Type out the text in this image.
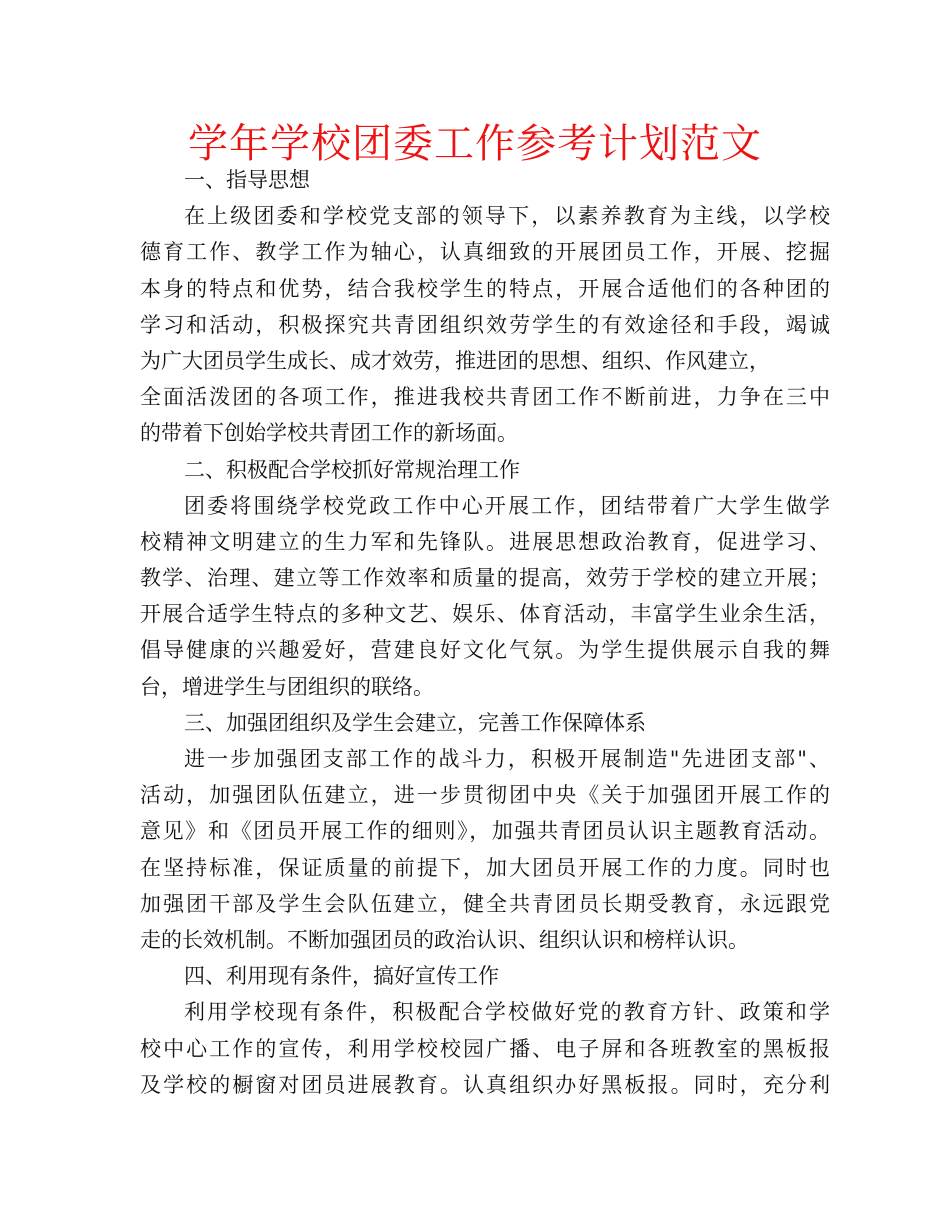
学年学校团委工作参考计划范文
一、指导思想
在上级团委和学校党支部的领导下，以素养教育为主线，以学校
德育工作、教学工作为轴心，认真细致的开展团员工作，开展、挖掘
本身的特点和优势，结合我校学生的特点，开展合适他们的各种团的
学习和活动，积极探究共青团组织效劳学生的有效途径和手段，竭诚
为广大团员学生成长、成才效劳，推进团的思想、组织、作风建立，
全面活泼团的各项工作，推进我校共青团工作不断前进，力争在三中
的带着下创始学校共青团工作的新场面。
二、积极配合学校抓好常规治理工作
团委将围绕学校党政工作中心开展工作，团结带着广大学生做学
校精神文明建立的生力军和先锋队。进展思想政治教育，促进学习、
教学、治理、建立等工作效率和质量的提高，效劳于学校的建立开展；
开展合适学生特点的多种文艺、娱乐、体育活动，丰富学生业余生活，
倡导健康的兴趣爱好，营建良好文化气氛。为学生提供展示自我的舞
台，增进学生与团组织的联络。
三、加强团组织及学生会建立，完善工作保障体系
进一步加强团支部工作的战斗力，积极开展制造"先进团支部"、
活动，加强团队伍建立，进一步贯彻团中央《关于加强团开展工作的
意见》和《团员开展工作的细则》，加强共青团员认识主题教育活动。
在坚持标准，保证质量的前提下，加大团员开展工作的力度。同时也
加强团干部及学生会队伍建立，健全共青团员长期受教育，永远跟党
走的长效机制。不断加强团员的政治认识、组织认识和榜样认识。
四、利用现有条件，搞好宣传工作
利用学校现有条件，积极配合学校做好党的教育方针、政策和学
校中心工作的宣传，利用学校校园广播、电子屏和各班教室的黑板报
及学校的橱窗对团员进展教育。认真组织办好黑板报。同时，充分利
